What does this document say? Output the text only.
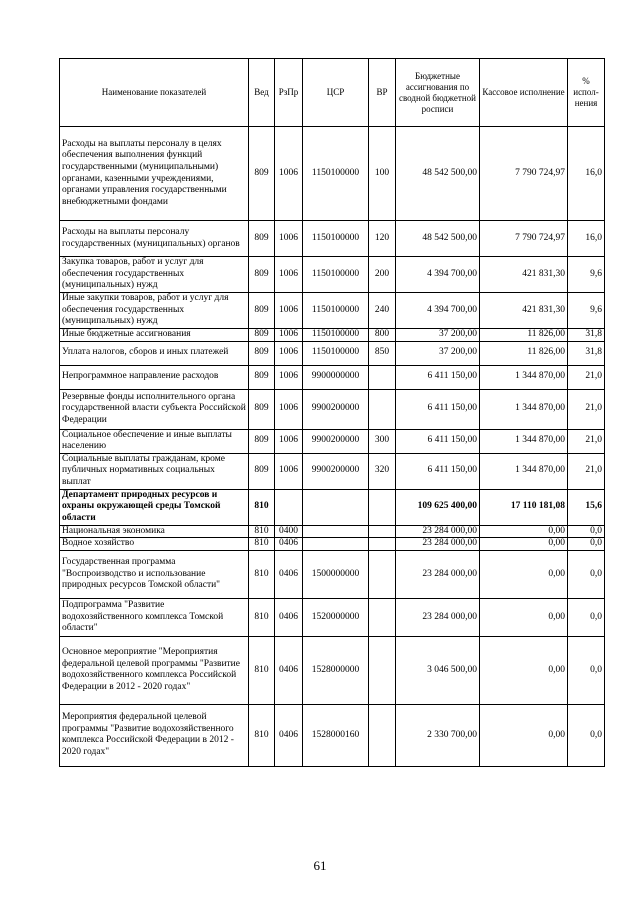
Наименование показателей	Вед	РзПр	ЦСР	ВР	Бюджетные ассигнования по сводной бюджетной росписи	Кассовое исполнение	% испол- нения
Расходы на выплаты персоналу в целях обеспечения выполнения функций государственными (муниципальными) органами, казенными учреждениями, органами управления государственными внебюджетными фондами	809	1006	1150100000	100	48 542 500,00	7 790 724,97	16,0
Расходы на выплаты персоналу государственных (муниципальных) органов	809	1006	1150100000	120	48 542 500,00	7 790 724,97	16,0
Закупка товаров, работ и услуг для обеспечения государственных (муниципальных) нужд	809	1006	1150100000	200	4 394 700,00	421 831,30	9,6
Иные закупки товаров, работ и услуг для обеспечения государственных (муниципальных) нужд	809	1006	1150100000	240	4 394 700,00	421 831,30	9,6
Иные бюджетные ассигнования	809	1006	1150100000	800	37 200,00	11 826,00	31,8
Уплата налогов, сборов и иных платежей	809	1006	1150100000	850	37 200,00	11 826,00	31,8
Непрограммное направление расходов	809	1006	9900000000		6 411 150,00	1 344 870,00	21,0
Резервные фонды исполнительного органа государственной власти субъекта Российской Федерации	809	1006	9900200000		6 411 150,00	1 344 870,00	21,0
Социальное обеспечение и иные выплаты населению	809	1006	9900200000	300	6 411 150,00	1 344 870,00	21,0
Социальные выплаты гражданам, кроме публичных нормативных социальных выплат	809	1006	9900200000	320	6 411 150,00	1 344 870,00	21,0
Департамент природных ресурсов и охраны окружающей среды Томской области	810				109 625 400,00	17 110 181,08	15,6
Национальная экономика	810	0400			23 284 000,00	0,00	0,0
Водное хозяйство	810	0406			23 284 000,00	0,00	0,0
Государственная программа "Воспроизводство и использование природных ресурсов Томской области"	810	0406	1500000000		23 284 000,00	0,00	0,0
Подпрограмма "Развитие водохозяйственного комплекса Томской области"	810	0406	1520000000		23 284 000,00	0,00	0,0
Основное мероприятие "Мероприятия федеральной целевой программы "Развитие водохозяйственного комплекса Российской Федерации в 2012 - 2020 годах"	810	0406	1528000000		3 046 500,00	0,00	0,0
Мероприятия федеральной целевой программы "Развитие водохозяйственного комплекса Российской Федерации в 2012 - 2020 годах"	810	0406	1528000160		2 330 700,00	0,00	0,0
61
